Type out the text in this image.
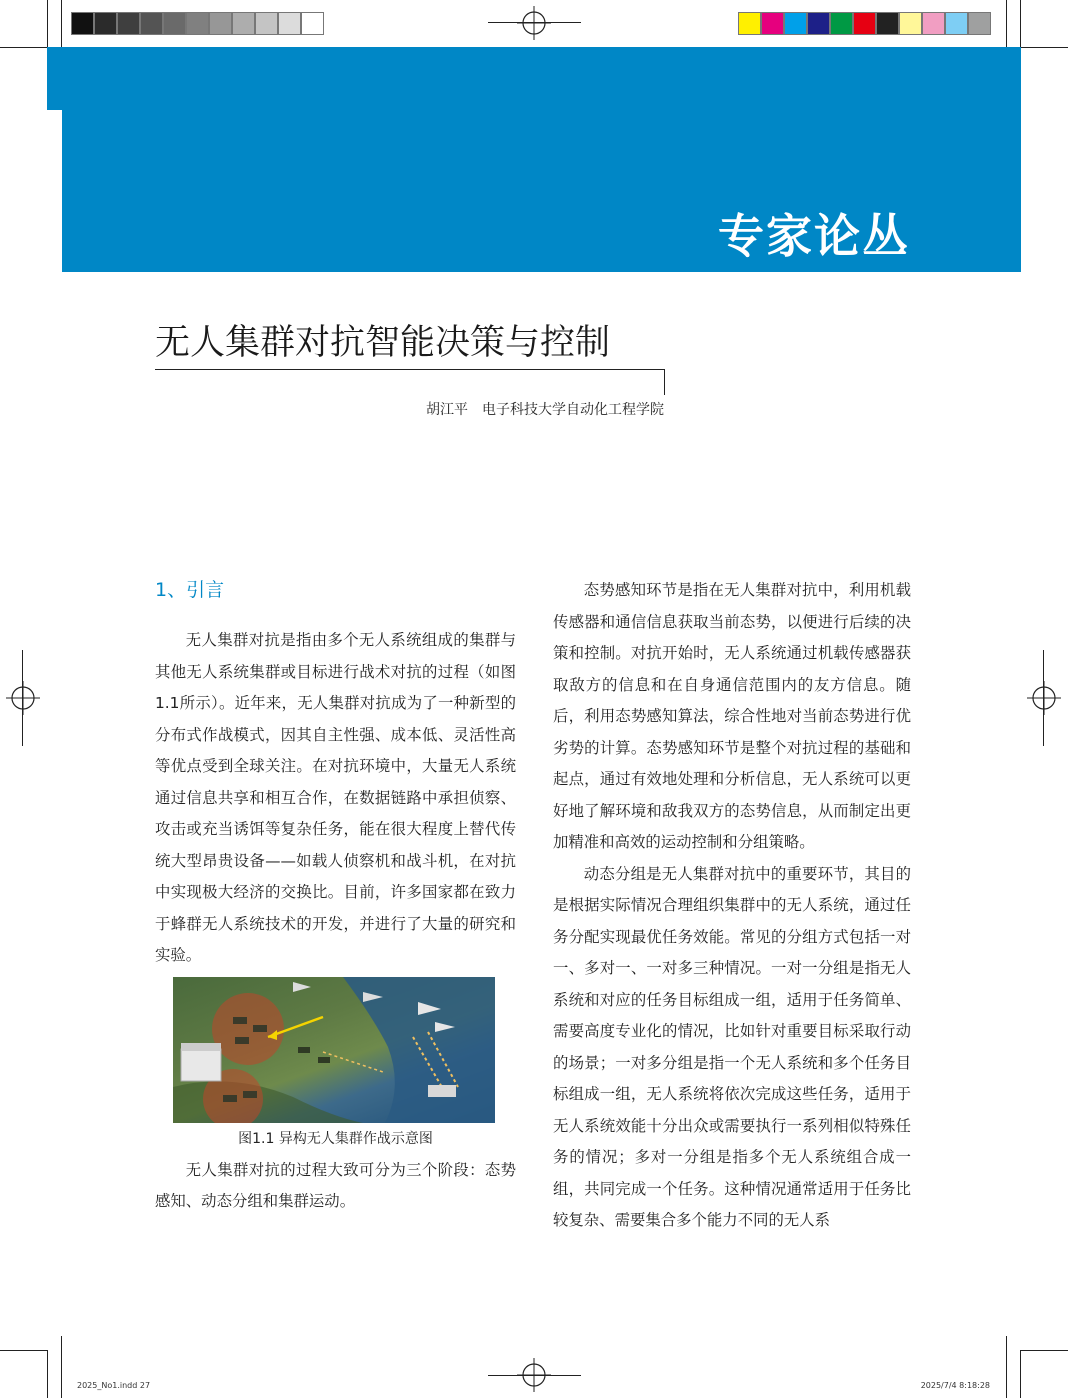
专家论丛
无人集群对抗智能决策与控制
胡江平 电子科技大学自动化工程学院
1、引言

无人集群对抗是指由多个无人系统组成的集群与其他无人系统集群或目标进行战术对抗的过程（如图1.1所示）。近年来，无人集群对抗成为了一种新型的分布式作战模式，因其自主性强、成本低、灵活性高等优点受到全球关注。在对抗环境中，大量无人系统通过信息共享和相互合作，在数据链路中承担侦察、攻击或充当诱饵等复杂任务，能在很大程度上替代传统大型昂贵设备——如载人侦察机和战斗机，在对抗中实现极大经济的交换比。目前，许多国家都在致力于蜂群无人系统技术的开发，并进行了大量的研究和实验。

图1.1 异构无人集群作战示意图

无人集群对抗的过程大致可分为三个阶段：态势感知、动态分组和集群运动。

态势感知环节是指在无人集群对抗中，利用机载传感器和通信信息获取当前态势，以便进行后续的决策和控制。对抗开始时，无人系统通过机载传感器获取敌方的信息和在自身通信范围内的友方信息。随后，利用态势感知算法，综合性地对当前态势进行优劣势的计算。态势感知环节是整个对抗过程的基础和起点，通过有效地处理和分析信息，无人系统可以更好地了解环境和敌我双方的态势信息，从而制定出更加精准和高效的运动控制和分组策略。

动态分组是无人集群对抗中的重要环节，其目的是根据实际情况合理组织集群中的无人系统，通过任务分配实现最优任务效能。常见的分组方式包括一对一、多对一、一对多三种情况。一对一分组是指无人系统和对应的任务目标组成一组，适用于任务简单、需要高度专业化的情况，比如针对重要目标采取行动的场景；一对多分组是指一个无人系统和多个任务目标组成一组，无人系统将依次完成这些任务，适用于无人系统效能十分出众或需要执行一系列相似特殊任务的情况；多对一分组是指多个无人系统组合成一组，共同完成一个任务。这种情况通常适用于任务比较复杂、需要集合多个能力不同的无人系

2025_No1.indd 27	2025/7/4 8:18:28
